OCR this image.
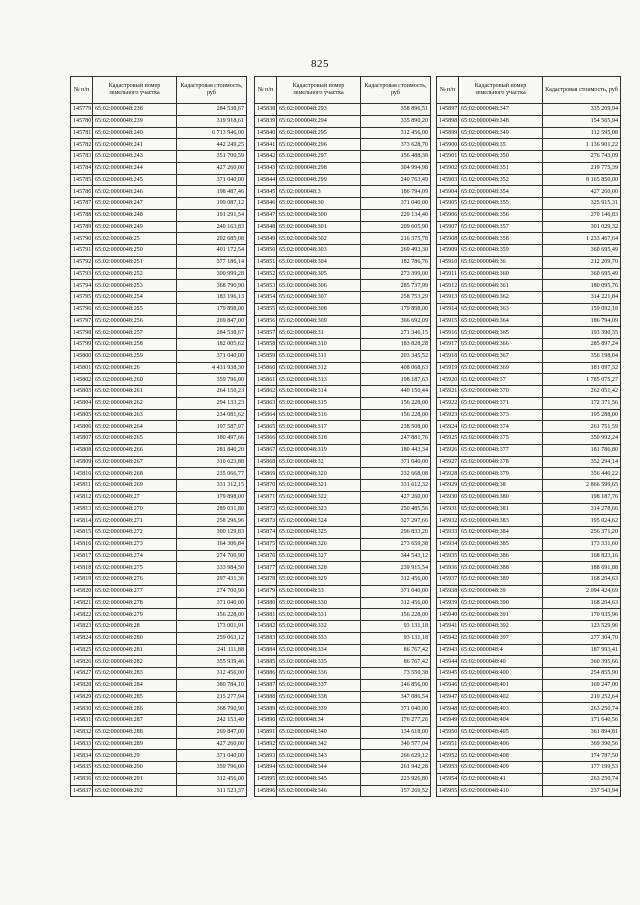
825
№ п/п	Кадастровый номер земельного участка	Кадастровая стоимость, руб
145779	65:02:0000048:238	284 538,67
145780	65:02:0000048:239	319 918,61
145781	65:02:0000048:240	6 713 946,00
145782	65:02:0000048:241	442 249,25
145783	65:02:0000048:243	351 700,59
145784	65:02:0000048:244	427 260,00
145785	65:02:0000048:245	371 040,00
145786	65:02:0000048:246	198 487,46
145787	65:02:0000048:247	199 087,12
145788	65:02:0000048:248	191 291,54
145789	65:02:0000048:249	240 163,83
145790	65:02:0000048:25	202 685,08
145791	65:02:0000048:250	401 172,54
145792	65:02:0000048:251	377 186,14
145793	65:02:0000048:252	300 999,28
145794	65:02:0000048:253	368 790,90
145795	65:02:0000048:254	183 196,13
145796	65:02:0000048:255	179 898,00
145797	65:02:0000048:256	269 847,00
145798	65:02:0000048:257	284 538,67
145799	65:02:0000048:258	182 005,62
145800	65:02:0000048:259	371 040,00
145801	65:02:0000048:26	4 431 938,30
145802	65:02:0000048:260	359 796,00
145803	65:02:0000048:261	264 150,23
145804	65:02:0000048:262	294 133,23
145805	65:02:0000048:263	234 081,62
145806	65:02:0000048:264	197 587,97
145807	65:02:0000048:265	180 497,66
145808	65:02:0000048:266	281 840,20
145809	65:02:0000048:267	310 623,88
145810	65:02:0000048:268	235 066,77
145811	65:02:0000048:269	331 312,15
145812	65:02:0000048:27	179 898,00
145813	65:02:0000048:270	289 031,80
145814	65:02:0000048:271	258 296,96
145815	65:02:0000048:272	300 129,83
145816	65:02:0000048:273	164 306,84
145817	65:02:0000048:274	274 700,90
145818	65:02:0000048:275	333 984,50
145819	65:02:0000048:276	297 431,36
145820	65:02:0000048:277	274 700,90
145821	65:02:0000048:278	371 040,00
145822	65:02:0000048:279	156 228,00
145823	65:02:0000048:28	173 001,91
145824	65:02:0000048:280	259 063,12
145825	65:02:0000048:281	241 111,88
145826	65:02:0000048:282	355 939,46
145827	65:02:0000048:283	312 456,00
145828	65:02:0000048:284	380 784,10
145829	65:02:0000048:285	215 277,94
145830	65:02:0000048:286	368 790,90
145831	65:02:0000048:287	242 153,40
145832	65:02:0000048:288	269 847,00
145833	65:02:0000048:289	427 260,00
145834	65:02:0000048:29	371 040,00
145835	65:02:0000048:290	359 796,00
145836	65:02:0000048:291	312 456,00
145837	65:02:0000048:292	311 523,37
№ п/п	Кадастровый номер земельного участка	Кадастровая стоимость, руб
145838	65:02:0000048:293	358 896,51
145839	65:02:0000048:294	335 890,20
145840	65:02:0000048:295	312 456,00
145841	65:02:0000048:296	373 628,70
145842	65:02:0000048:297	156 488,38
145843	65:02:0000048:298	304 994,98
145844	65:02:0000048:299	240 763,49
145845	65:02:0000048:3	186 794,09
145846	65:02:0000048:30	371 040,00
145847	65:02:0000048:300	229 134,40
145848	65:02:0000048:301	209 605,90
145849	65:02:0000048:302	216 375,78
145850	65:02:0000048:303	269 493,30
145851	65:02:0000048:304	182 786,76
145852	65:02:0000048:305	273 399,00
145853	65:02:0000048:306	285 737,99
145854	65:02:0000048:307	258 753,29
145855	65:02:0000048:308	179 898,00
145856	65:02:0000048:309	366 692,09
145857	65:02:0000048:31	271 346,15
145858	65:02:0000048:310	183 828,28
145859	65:02:0000048:311	203 345,52
145860	65:02:0000048:312	408 068,63
145861	65:02:0000048:313	198 187,63
145862	65:02:0000048:314	440 150,44
145863	65:02:0000048:315	156 228,00
145864	65:02:0000048:316	156 228,00
145865	65:02:0000048:317	238 508,00
145866	65:02:0000048:318	247 881,76
145867	65:02:0000048:319	180 443,34
145868	65:02:0000048:32	371 040,00
145869	65:02:0000048:320	232 668,08
145870	65:02:0000048:321	331 612,32
145871	65:02:0000048:322	427 260,00
145872	65:02:0000048:323	250 485,56
145873	65:02:0000048:324	327 297,66
145874	65:02:0000048:325	296 833,20
145875	65:02:0000048:326	273 659,38
145876	65:02:0000048:327	344 543,12
145877	65:02:0000048:328	239 915,54
145878	65:02:0000048:329	312 456,00
145879	65:02:0000048:33	371 040,00
145880	65:02:0000048:330	312 456,00
145881	65:02:0000048:331	156 228,00
145882	65:02:0000048:332	93 131,18
145883	65:02:0000048:333	93 131,18
145884	65:02:0000048:334	86 767,42
145885	65:02:0000048:335	86 767,42
145886	65:02:0000048:336	73 550,38
145887	65:02:0000048:337	146 856,00
145888	65:02:0000048:338	347 086,54
145889	65:02:0000048:339	371 040,00
145890	65:02:0000048:34	176 277,26
145891	65:02:0000048:340	134 618,00
145892	65:02:0000048:342	340 577,04
145893	65:02:0000048:343	266 629,12
145894	65:02:0000048:344	261 942,28
145895	65:02:0000048:345	223 926,80
145896	65:02:0000048:346	157 269,52
№ п/п	Кадастровый номер земельного участка	Кадастровая стоимость, руб
145897	65:02:0000048:347	335 209,94
145898	65:02:0000048:348	154 565,94
145899	65:02:0000048:349	112 595,08
145900	65:02:0000048:35	1 136 901,22
145901	65:02:0000048:350	276 743,09
145902	65:02:0000048:351	219 775,39
145903	65:02:0000048:352	8 165 850,00
145904	65:02:0000048:354	427 260,00
145905	65:02:0000048:355	325 915,31
145906	65:02:0000048:356	270 146,83
145907	65:02:0000048:357	301 029,32
145908	65:02:0000048:358	1 233 467,64
145909	65:02:0000048:359	360 695,49
145910	65:02:0000048:36	212 209,70
145911	65:02:0000048:360	360 695,49
145912	65:02:0000048:361	180 095,76
145913	65:02:0000048:362	314 221,84
145914	65:02:0000048:363	159 092,18
145915	65:02:0000048:364	186 794,09
145916	65:02:0000048:365	193 390,35
145917	65:02:0000048:366	285 897,24
145918	65:02:0000048:367	356 198,04
145919	65:02:0000048:369	181 097,32
145920	65:02:0000048:37	1 785 075,27
145921	65:02:0000048:370	262 051,42
145922	65:02:0000048:371	172 371,56
145923	65:02:0000048:373	195 288,00
145924	65:02:0000048:374	261 751,59
145925	65:02:0000048:375	350 992,24
145926	65:02:0000048:377	181 786,80
145927	65:02:0000048:378	352 294,14
145928	65:02:0000048:379	356 440,22
145929	65:02:0000048:38	2 866 599,65
145930	65:02:0000048:380	198 187,76
145931	65:02:0000048:381	314 278,66
145932	65:02:0000048:383	195 024,62
145933	65:02:0000048:384	256 371,20
145934	65:02:0000048:385	173 331,60
145935	65:02:0000048:386	168 823,16
145936	65:02:0000048:388	188 691,88
145937	65:02:0000048:389	168 204,63
145938	65:02:0000048:39	2 094 424,69
145939	65:02:0000048:390	168 204,63
145940	65:02:0000048:391	170 935,96
145941	65:02:0000048:392	123 529,96
145942	65:02:0000048:397	277 304,70
145943	65:02:0000048:4	187 993,41
145944	65:02:0000048:40	360 395,66
145945	65:02:0000048:400	254 855,90
145946	65:02:0000048:401	169 247,00
145947	65:02:0000048:402	210 252,64
145948	65:02:0000048:403	263 250,74
145949	65:02:0000048:404	171 640,56
145950	65:02:0000048:405	361 894,81
145951	65:02:0000048:406	369 390,56
145952	65:02:0000048:408	174 787,50
145953	65:02:0000048:409	177 199,53
145954	65:02:0000048:41	263 250,74
145955	65:02:0000048:410	237 543,94
